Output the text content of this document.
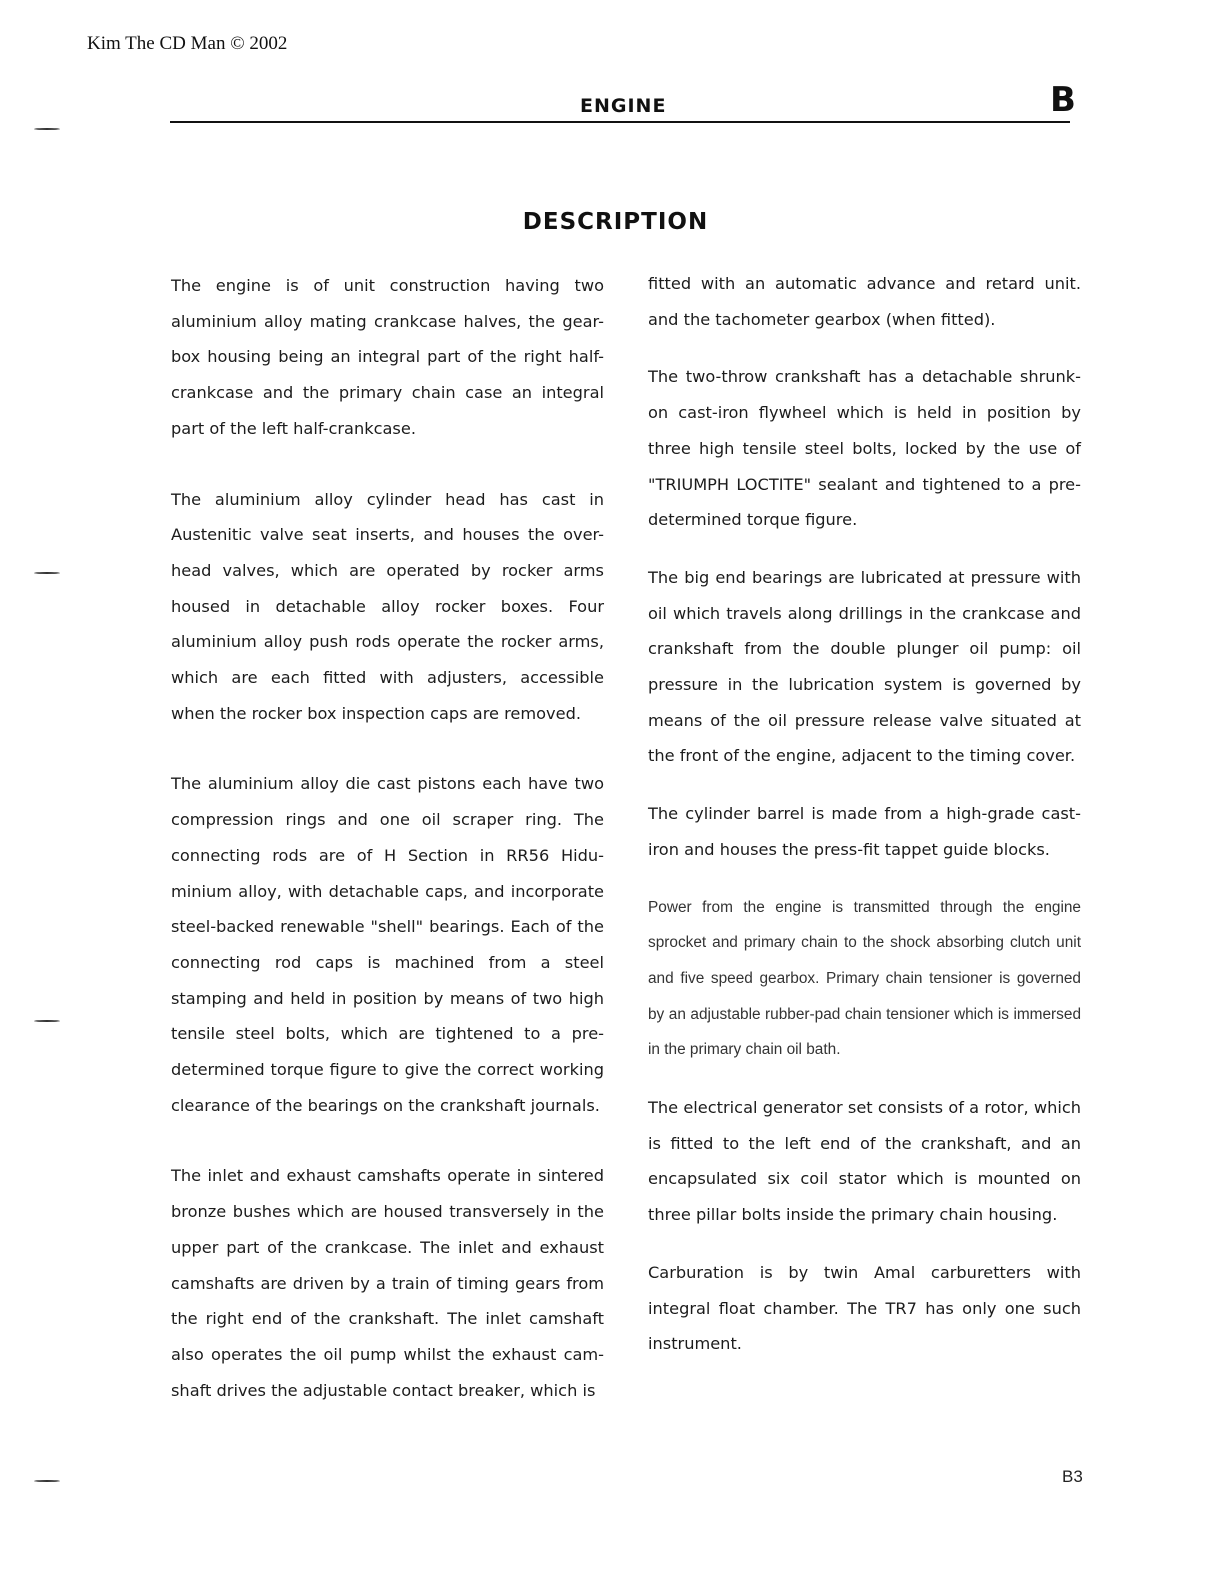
Kim The CD Man © 2002
ENGINE	B
DESCRIPTION

The engine is of unit construction having two aluminium alloy mating crankcase halves, the gear-box housing being an integral part of the right half-crankcase and the primary chain case an integral part of the left half-crankcase.

The aluminium alloy cylinder head has cast in Austenitic valve seat inserts, and houses the over-head valves, which are operated by rocker arms housed in detachable alloy rocker boxes. Four aluminium alloy push rods operate the rocker arms, which are each fitted with adjusters, accessible when the rocker box inspection caps are removed.

The aluminium alloy die cast pistons each have two compression rings and one oil scraper ring. The connecting rods are of H Section in RR56 Hidu-minium alloy, with detachable caps, and incorporate steel-backed renewable "shell" bearings. Each of the connecting rod caps is machined from a steel stamping and held in position by means of two high tensile steel bolts, which are tightened to a pre-determined torque figure to give the correct working clearance of the bearings on the crankshaft journals.

The inlet and exhaust camshafts operate in sintered bronze bushes which are housed transversely in the upper part of the crankcase. The inlet and exhaust camshafts are driven by a train of timing gears from the right end of the crankshaft. The inlet camshaft also operates the oil pump whilst the exhaust cam-shaft drives the adjustable contact breaker, which is

fitted with an automatic advance and retard unit. and the tachometer gearbox (when fitted).

The two-throw crankshaft has a detachable shrunk-on cast-iron flywheel which is held in position by three high tensile steel bolts, locked by the use of "TRIUMPH LOCTITE" sealant and tightened to a pre-determined torque figure.

The big end bearings are lubricated at pressure with oil which travels along drillings in the crankcase and crankshaft from the double plunger oil pump: oil pressure in the lubrication system is governed by means of the oil pressure release valve situated at the front of the engine, adjacent to the timing cover.

The cylinder barrel is made from a high-grade cast-iron and houses the press-fit tappet guide blocks.

Power from the engine is transmitted through the engine sprocket and primary chain to the shock absorbing clutch unit and five speed gearbox. Primary chain tensioner is governed by an adjustable rubber-pad chain tensioner which is immersed in the primary chain oil bath.

The electrical generator set consists of a rotor, which is fitted to the left end of the crankshaft, and an encapsulated six coil stator which is mounted on three pillar bolts inside the primary chain housing.

Carburation is by twin Amal carburetters with integral float chamber. The TR7 has only one such instrument.

B3
